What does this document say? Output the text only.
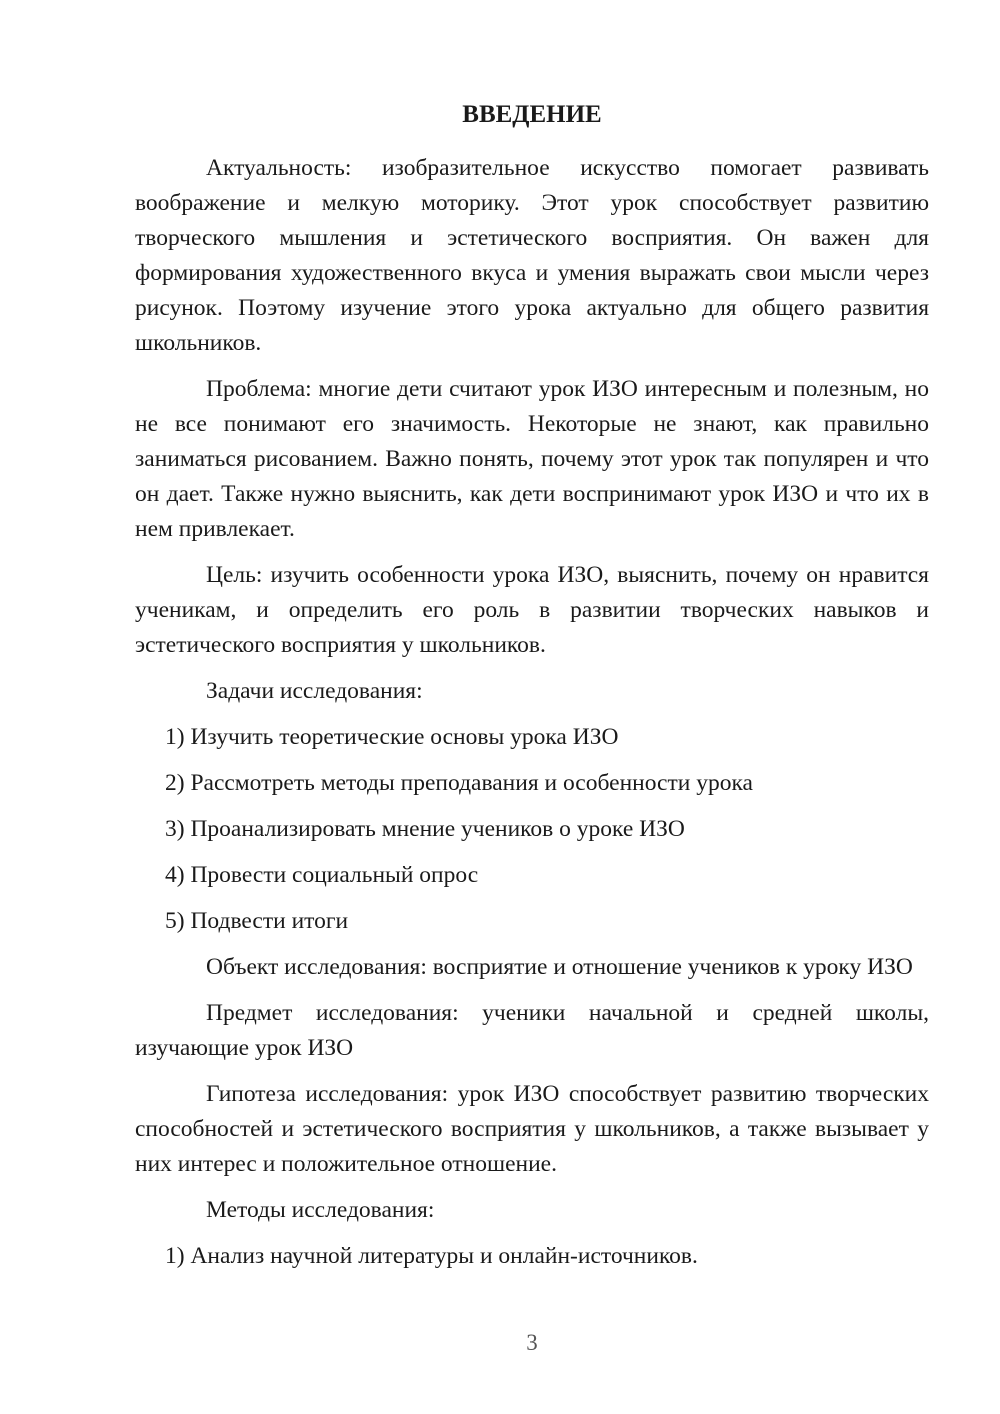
ВВЕДЕНИЕ

Актуальность: изобразительное искусство помогает развивать воображение и мелкую моторику. Этот урок способствует развитию творческого мышления и эстетического восприятия. Он важен для формирования художественного вкуса и умения выражать свои мысли через рисунок. Поэтому изучение этого урока актуально для общего развития школьников.

Проблема: многие дети считают урок ИЗО интересным и полезным, но не все понимают его значимость. Некоторые не знают, как правильно заниматься рисованием. Важно понять, почему этот урок так популярен и что он дает. Также нужно выяснить, как дети воспринимают урок ИЗО и что их в нем привлекает.

Цель: изучить особенности урока ИЗО, выяснить, почему он нравится ученикам, и определить его роль в развитии творческих навыков и эстетического восприятия у школьников.

Задачи исследования:

1) Изучить теоретические основы урока ИЗО

2) Рассмотреть методы преподавания и особенности урока

3) Проанализировать мнение учеников о уроке ИЗО

4) Провести социальный опрос

5) Подвести итоги

Объект исследования: восприятие и отношение учеников к уроку ИЗО

Предмет исследования: ученики начальной и средней школы, изучающие урок ИЗО

Гипотеза исследования: урок ИЗО способствует развитию творческих способностей и эстетического восприятия у школьников, а также вызывает у них интерес и положительное отношение.

Методы исследования:

1) Анализ научной литературы и онлайн-источников.

3
